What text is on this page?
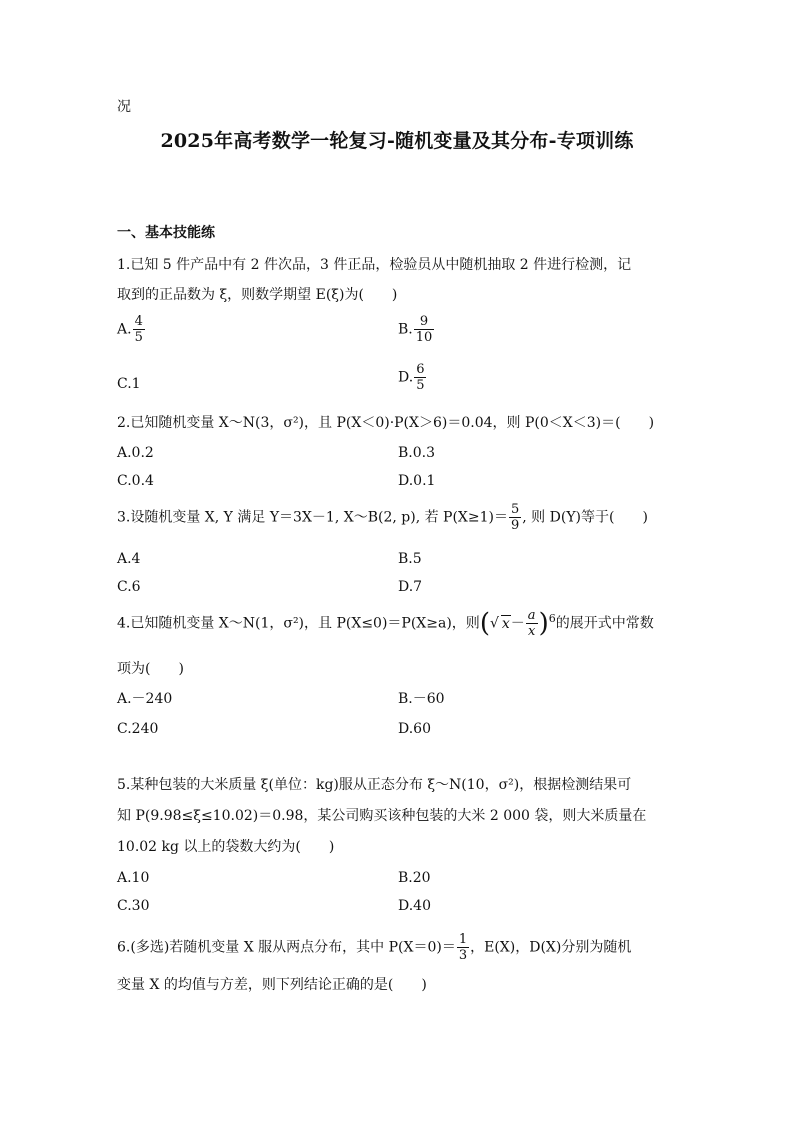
况
2025年高考数学一轮复习-随机变量及其分布-专项训练
一、基本技能练
1.已知 5 件产品中有 2 件次品，3 件正品，检验员从中随机抽取 2 件进行检测，记
取到的正品数为 ξ，则数学期望 E(ξ)为(　　)
A. $\frac{4}{5}$	B. $\frac{9}{10}$
C.1	D. $\frac{6}{5}$
2.已知随机变量 X～N(3，σ²)，且 P(X＜0)·P(X＞6)＝0.04，则 P(0＜X＜3)＝(　　)
A.0.2	B.0.3
C.0.4	D.0.1
3.设随机变量 X, Y 满足 Y＝3X－1, X～B(2, p), 若 $P(X\ge 1)= \frac{5}{9}$ , 则 D(Y)等于(　　)
A.4	B.5
C.6	D.7
4.已知随机变量 X～N(1，σ²)，且 P(X≤0)＝P(X≥a)，则(√ $x- \frac{a}{x} )^6$的展开式中常数
项为(　　)
A.－240	B.－60
C.240	D.60
5.某种包装的大米质量 ξ(单位：kg)服从正态分布 ξ～N(10，σ²)，根据检测结果可
知 P(9.98≤ξ≤10.02)＝0.98，某公司购买该种包装的大米 2 000 袋，则大米质量在
10.02 kg 以上的袋数大约为(　　)
A.10	B.20
C.30	D.40
6.(多选)若随机变量 X 服从两点分布，其中 $P(X=0)= \frac{1}{3}$ ，E(X)，D(X)分别为随机
变量 X 的均值与方差，则下列结论正确的是(　　)
